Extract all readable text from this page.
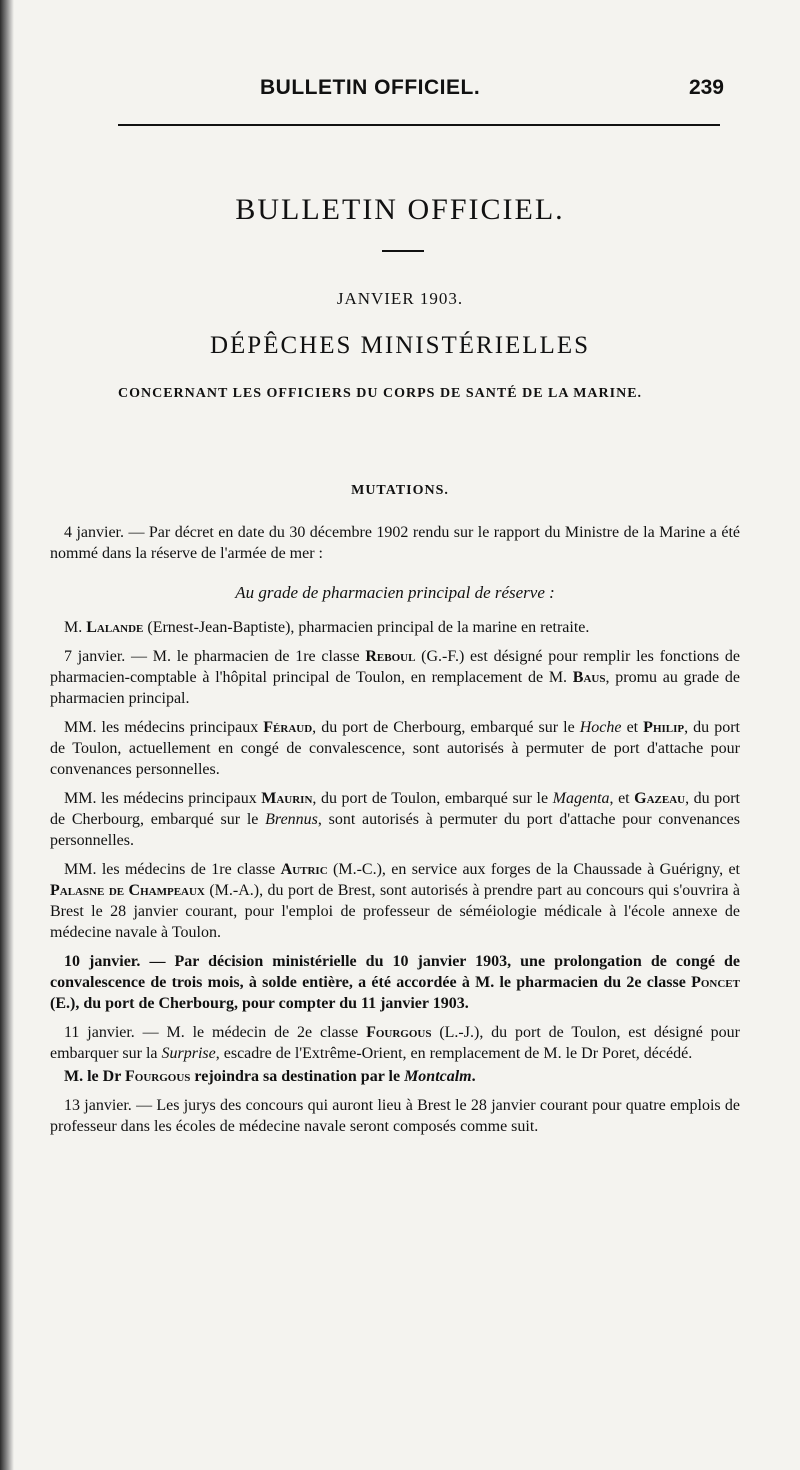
BULLETIN OFFICIEL.	239
BULLETIN OFFICIEL.
JANVIER 1903.
DÉPÊCHES MINISTÉRIELLES
CONCERNANT LES OFFICIERS DU CORPS DE SANTÉ DE LA MARINE.
MUTATIONS.

4 janvier. — Par décret en date du 30 décembre 1902 rendu sur le rapport du Ministre de la Marine a été nommé dans la réserve de l'armée de mer :

Au grade de pharmacien principal de réserve :

M. Lalande (Ernest-Jean-Baptiste), pharmacien principal de la marine en retraite.

7 janvier. — M. le pharmacien de 1re classe Reboul (G.-F.) est désigné pour remplir les fonctions de pharmacien-comptable à l'hôpital principal de Toulon, en remplacement de M. Baus, promu au grade de pharmacien principal.

MM. les médecins principaux Féraud, du port de Cherbourg, embarqué sur le Hoche et Philip, du port de Toulon, actuellement en congé de convalescence, sont autorisés à permuter de port d'attache pour convenances personnelles.

MM. les médecins principaux Maurin, du port de Toulon, embarqué sur le Magenta, et Gazeau, du port de Cherbourg, embarqué sur le Brennus, sont autorisés à permuter du port d'attache pour convenances personnelles.

MM. les médecins de 1re classe Autric (M.-C.), en service aux forges de la Chaussade à Guérigny, et Palasne de Champeaux (M.-A.), du port de Brest, sont autorisés à prendre part au concours qui s'ouvrira à Brest le 28 janvier courant, pour l'emploi de professeur de séméiologie médicale à l'école annexe de médecine navale à Toulon.

10 janvier. — Par décision ministérielle du 10 janvier 1903, une prolongation de congé de convalescence de trois mois, à solde entière, a été accordée à M. le pharmacien du 2e classe Poncet (E.), du port de Cherbourg, pour compter du 11 janvier 1903.

11 janvier. — M. le médecin de 2e classe Fourgous (L.-J.), du port de Toulon, est désigné pour embarquer sur la Surprise, escadre de l'Extrême-Orient, en remplacement de M. le Dr Poret, décédé.

M. le Dr Fourgous rejoindra sa destination par le Montcalm.

13 janvier. — Les jurys des concours qui auront lieu à Brest le 28 janvier courant pour quatre emplois de professeur dans les écoles de médecine navale seront composés comme suit.
